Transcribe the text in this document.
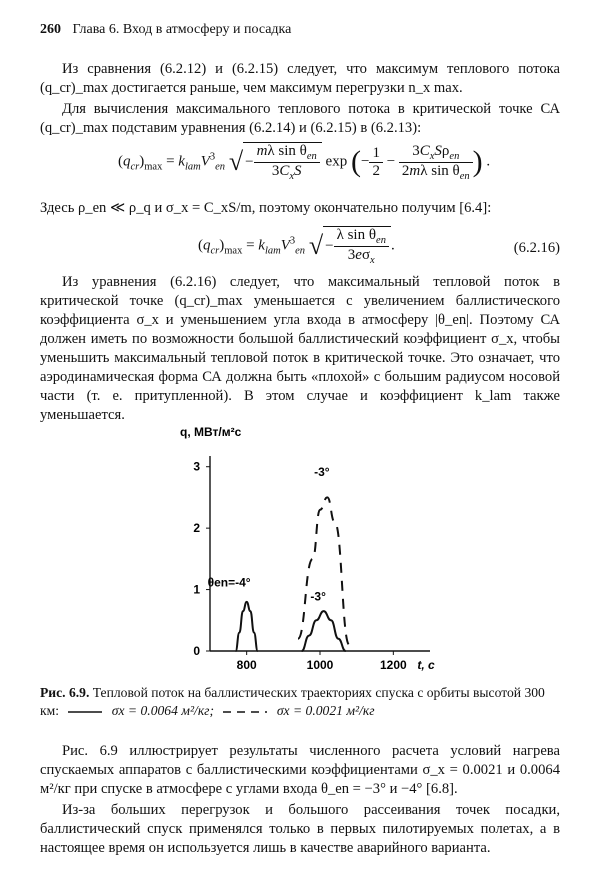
260 Глава 6. Вход в атмосферу и посадка
Из сравнения (6.2.12) и (6.2.15) следует, что максимум теплового потока (q_cr)_max достигается раньше, чем максимум перегрузки n_x max.
Для вычисления максимального теплового потока в критической точке СА (q_cr)_max подставим уравнения (6.2.14) и (6.2.15) в (6.2.13):
$(q_{cr})_{max} = k_{lam}V^3_{en}$ √ − $\frac{m\lambda \sin \theta_{en}}{3C_xS}$ exp (− $\frac{1}{2} - \frac{3C_xS\rho_{en}}{2m\lambda \sin \theta_{en}}$ ) .
Здесь ρ_en ≪ ρ_q и σ_x = C_xS/m, поэтому окончательно получим [6.4]:
$(q_{cr})_{max} = k_{lam}V^3_{en}$ √ − $\frac{\lambda \sin \theta_{en}}{3e\sigma_x}$ .	(6.2.16)
Из уравнения (6.2.16) следует, что максимальный тепловой поток в критической точке (q_cr)_max уменьшается с увеличением баллистического коэффициента σ_x и уменьшением угла входа в атмосферу |θ_en|. Поэтому СА должен иметь по возможности большой баллистический коэффициент σ_x, чтобы уменьшить максимальный тепловой поток в критической точке. Это означает, что аэродинамическая форма СА должна быть «плохой» с большим радиусом носовой части (т. е. притупленной). В этом случае и коэффициент k_lam также уменьшается.
q, МВт/м²с
0
1
2
3
800	1000	1200 t, с
θen=-4°
-3°
-3°
Рис. 6.9. Тепловой поток на баллистических траекториях спуска с орбиты высотой 300 км:	σx = 0.0064 м²/кг;	σx = 0.0021 м²/кг
Рис. 6.9 иллюстрирует результаты численного расчета условий нагрева спускаемых аппаратов с баллистическими коэффициентами σ_x = 0.0021 и 0.0064 м²/кг при спуске в атмосфере с углами входа θ_en = −3° и −4° [6.8].
Из-за больших перегрузок и большого рассеивания точек посадки, баллистический спуск применялся только в первых пилотируемых полетах, а в настоящее время он используется лишь в качестве аварийного варианта.
